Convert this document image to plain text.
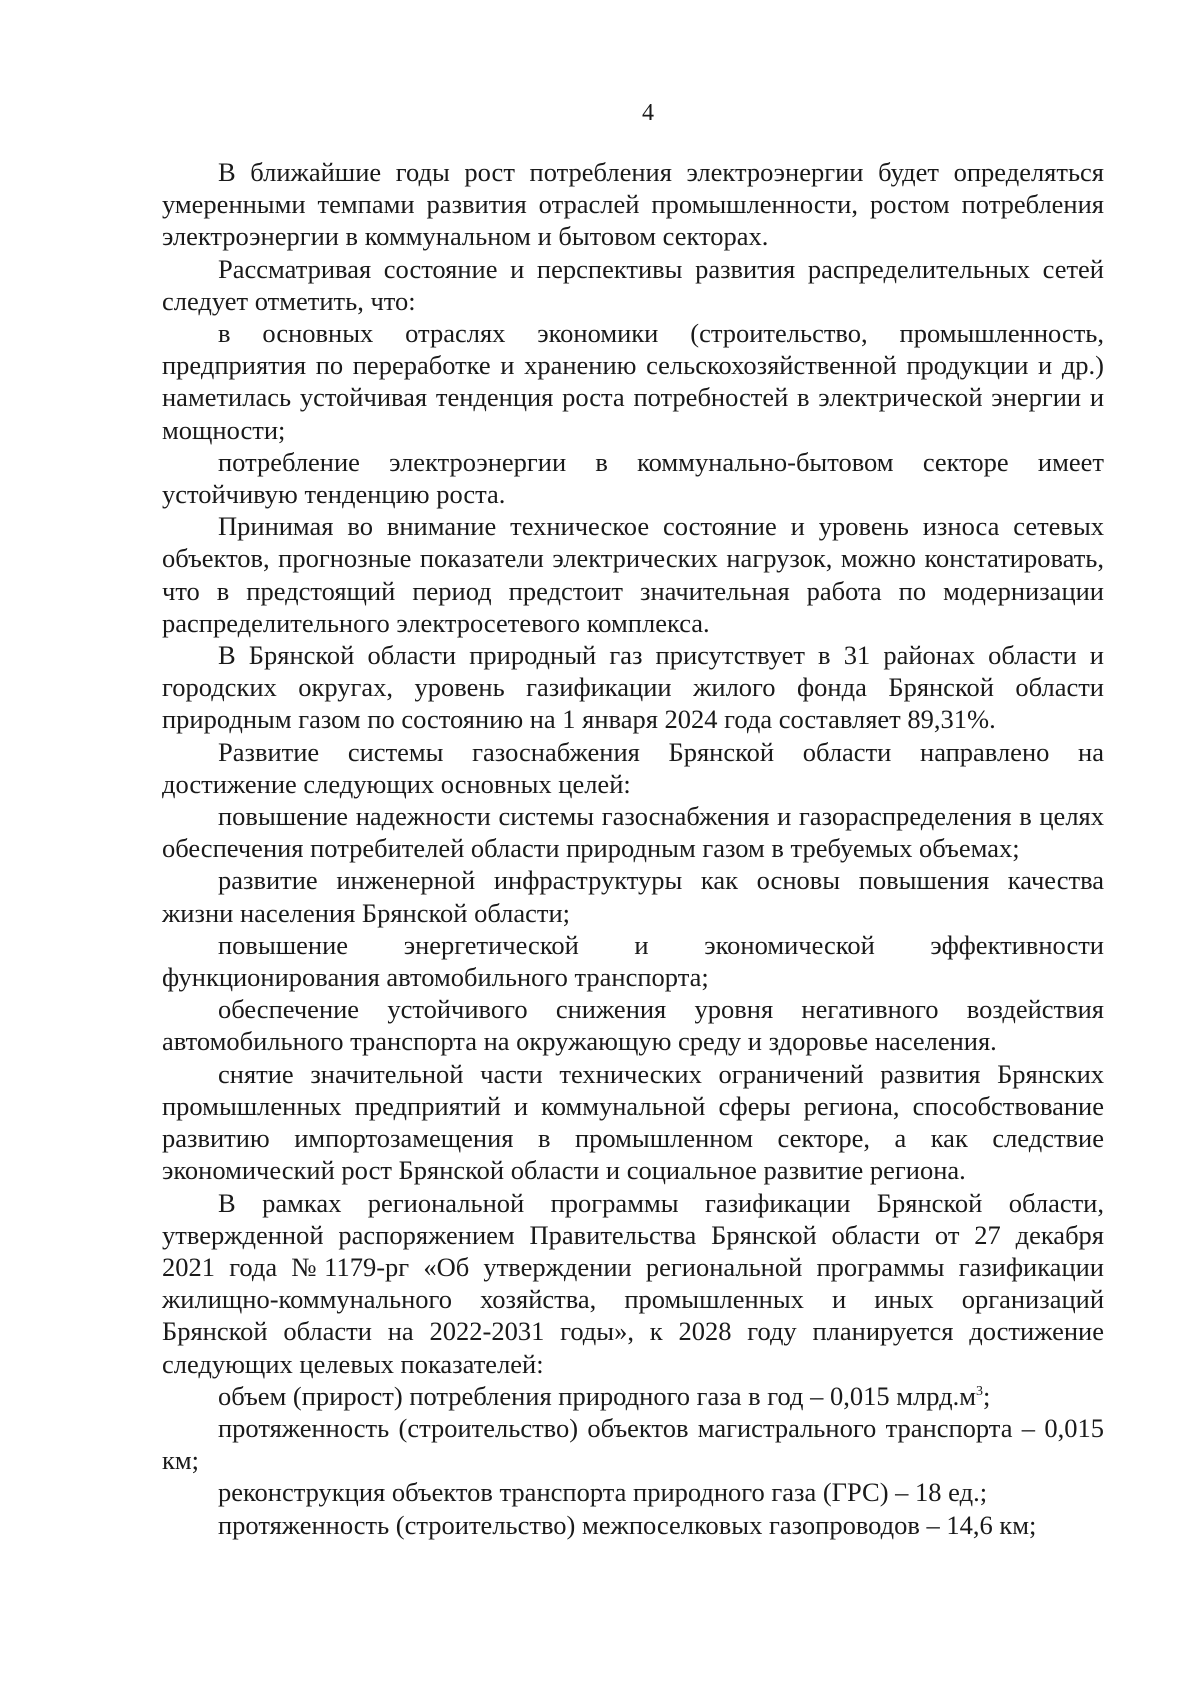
4

В ближайшие годы рост потребления электроэнергии будет определяться умеренными темпами развития отраслей промышленности, ростом потребления электроэнергии в коммунальном и бытовом секторах.

Рассматривая состояние и перспективы развития распределительных сетей следует отметить, что:

в основных отраслях экономики (строительство, промышленность, предприятия по переработке и хранению сельскохозяйственной продукции и др.) наметилась устойчивая тенденция роста потребностей в электрической энергии и мощности;

потребление электроэнергии в коммунально-бытовом секторе имеет устойчивую тенденцию роста.

Принимая во внимание техническое состояние и уровень износа сетевых объектов, прогнозные показатели электрических нагрузок, можно констатировать, что в предстоящий период предстоит значительная работа по модернизации распределительного электросетевого комплекса.

В Брянской области природный газ присутствует в 31 районах области и городских округах, уровень газификации жилого фонда Брянской области природным газом по состоянию на 1 января 2024 года составляет 89,31%.

Развитие системы газоснабжения Брянской области направлено на достижение следующих основных целей:

повышение надежности системы газоснабжения и газораспределения в целях обеспечения потребителей области природным газом в требуемых объемах;

развитие инженерной инфраструктуры как основы повышения качества жизни населения Брянской области;

повышение энергетической и экономической эффективности функционирования автомобильного транспорта;

обеспечение устойчивого снижения уровня негативного воздействия автомобильного транспорта на окружающую среду и здоровье населения.

снятие значительной части технических ограничений развития Брянских промышленных предприятий и коммунальной сферы региона, способствование развитию импортозамещения в промышленном секторе, а как следствие экономический рост Брянской области и социальное развитие региона.

В рамках региональной программы газификации Брянской области, утвержденной распоряжением Правительства Брянской области от 27 декабря 2021 года №1179-рг «Об утверждении региональной программы газификации жилищно-коммунального хозяйства, промышленных и иных организаций Брянской области на 2022-2031 годы», к 2028 году планируется достижение следующих целевых показателей:

объем (прирост) потребления природного газа в год – 0,015 $млрд.м^3$;

протяженность (строительство) объектов магистрального транспорта – 0,015 км;

реконструкция объектов транспорта природного газа (ГРС) – 18 ед.;

протяженность (строительство) межпоселковых газопроводов – 14,6 км;
